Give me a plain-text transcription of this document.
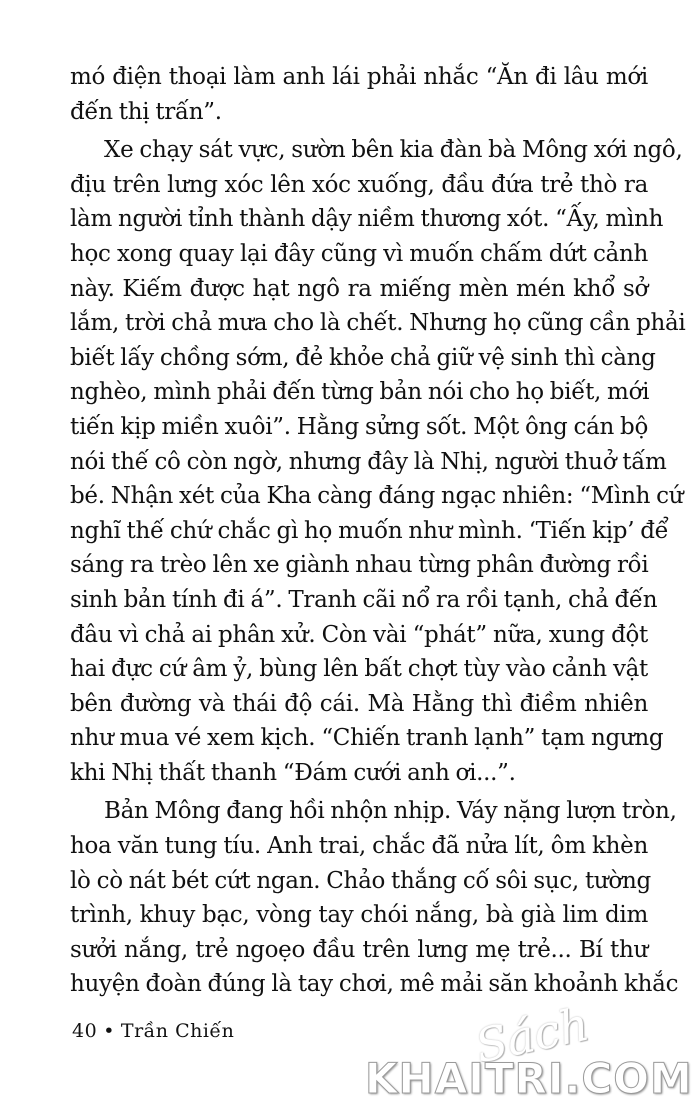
mó điện thoại làm anh lái phải nhắc “Ăn đi lâu mới
đến thị trấn”.
Xe chạy sát vực, sườn bên kia đàn bà Mông xới ngô,
địu trên lưng xóc lên xóc xuống, đầu đứa trẻ thò ra
làm người tỉnh thành dậy niềm thương xót. “Ấy, mình
học xong quay lại đây cũng vì muốn chấm dứt cảnh
này. Kiếm được hạt ngô ra miếng mèn mén khổ sở
lắm, trời chả mưa cho là chết. Nhưng họ cũng cần phải
biết lấy chồng sớm, đẻ khỏe chả giữ vệ sinh thì càng
nghèo, mình phải đến từng bản nói cho họ biết, mới
tiến kịp miền xuôi”. Hằng sửng sốt. Một ông cán bộ
nói thế cô còn ngờ, nhưng đây là Nhị, người thuở tấm
bé. Nhận xét của Kha càng đáng ngạc nhiên: “Mình cứ
nghĩ thế chứ chắc gì họ muốn như mình. ‘Tiến kịp’ để
sáng ra trèo lên xe giành nhau từng phân đường rồi
sinh bản tính đi á”. Tranh cãi nổ ra rồi tạnh, chả đến
đâu vì chả ai phân xử. Còn vài “phát” nữa, xung đột
hai đực cứ âm ỷ, bùng lên bất chợt tùy vào cảnh vật
bên đường và thái độ cái. Mà Hằng thì điềm nhiên
như mua vé xem kịch. “Chiến tranh lạnh” tạm ngưng
khi Nhị thất thanh “Đám cưới anh ơi...”.
Bản Mông đang hồi nhộn nhịp. Váy nặng lượn tròn,
hoa văn tung tíu. Anh trai, chắc đã nửa lít, ôm khèn
lò cò nát bét cứt ngan. Chảo thắng cố sôi sục, tường
trình, khuy bạc, vòng tay chói nắng, bà già lim dim
sưởi nắng, trẻ ngoẹo đầu trên lưng mẹ trẻ... Bí thư
huyện đoàn đúng là tay chơi, mê mải săn khoảnh khắc
40 • Trần Chiến	Sách
KHAITRI.COM
